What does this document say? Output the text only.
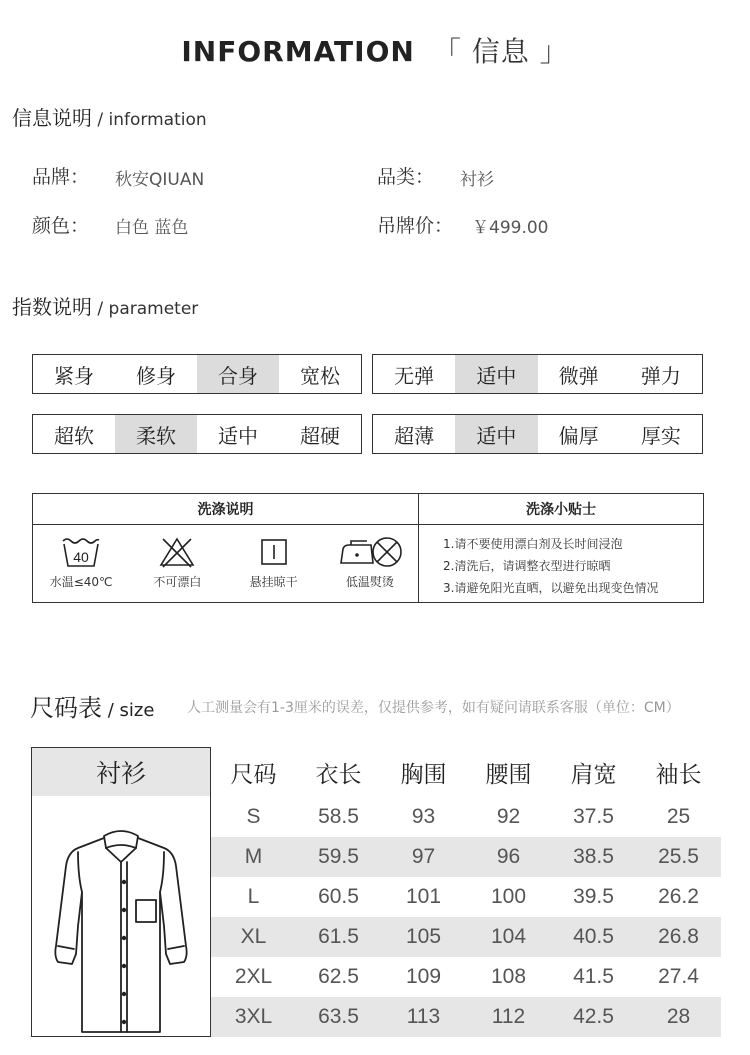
INFORMATION 「 信息 」
信息说明 / information
品牌： 秋安QIUAN	品类： 衬衫
颜色： 白色 蓝色	吊牌价： ￥499.00
指数说明 / parameter
紧身	修身	合身	宽松	无弹	适中	微弹	弹力
超软	柔软	适中	超硬	超薄	适中	偏厚	厚实
洗涤说明
40
水温≤40℃	不可漂白	悬挂晾干	低温熨烫
洗涤小贴士
1.请不要使用漂白剂及长时间浸泡
2.清洗后，请调整衣型进行晾晒
3.请避免阳光直晒，以避免出现变色情况
尺码表 / size 人工测量会有1-3厘米的误差，仅提供参考，如有疑问请联系客服（单位：CM）
衬衫	尺码	衣长	胸围	腰围	肩宽	袖长
S	58.5	93	92	37.5	25
M	59.5	97	96	38.5	25.5
L	60.5	101	100	39.5	26.2
XL	61.5	105	104	40.5	26.8
2XL	62.5	109	108	41.5	27.4
3XL	63.5	113	112	42.5	28
